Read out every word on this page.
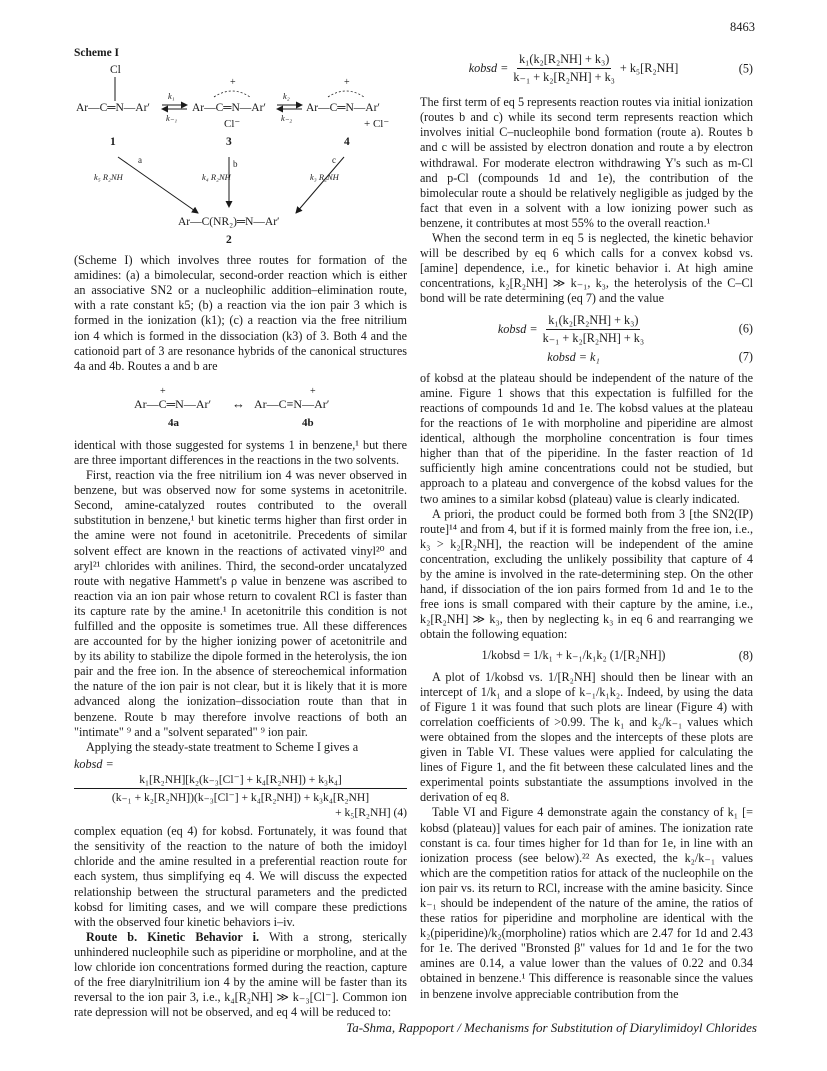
8463
Scheme I
Cl
Ar—C═N—Ar′	Ar—C═N—Ar′
Cl⁻
Ar—C═N—Ar′
+ Cl⁻
+	+
k₁
k₋₁
k₂
k₋₂
1	3	4
a	b	c
k₅ R₂NH	k₄ R₂NH	k₃ R₂NH
Ar—C(NR₂)═N—Ar′
2

(Scheme I) which involves three routes for formation of the amidines: (a) a bimolecular, second-order reaction which is either an associative SN2 or a nucleophilic addition–elimination route, with a rate constant k5; (b) a reaction via the ion pair 3 which is formed in the ionization (k1); (c) a reaction via the free nitrilium ion 4 which is formed in the dissociation (k3) of 3. Both 4 and the cationoid part of 3 are resonance hybrids of the canonical structures 4a and 4b. Routes a and b are

+	+
Ar—C═N—Ar′ ↔ Ar—C≡N—Ar′
4a	4b

identical with those suggested for systems 1 in benzene,¹ but there are three important differences in the reactions in the two solvents.

First, reaction via the free nitrilium ion 4 was never observed in benzene, but was observed now for some systems in acetonitrile. Second, amine-catalyzed routes contributed to the overall substitution in benzene,¹ but kinetic terms higher than first order in the amine were not found in acetonitrile. Precedents of similar solvent effect are known in the reactions of activated vinyl²⁰ and aryl²¹ chlorides with anilines. Third, the second-order uncatalyzed route with negative Hammett's ρ value in benzene was ascribed to reaction via an ion pair whose return to covalent RCl is faster than its capture rate by the amine.¹ In acetonitrile this condition is not fulfilled and the opposite is sometimes true. All these differences are accounted for by the higher ionizing power of acetonitrile and by its ability to stabilize the dipole formed in the heterolysis, the ion pair and the free ion. In the absence of stereochemical information the nature of the ion pair is not clear, but it is likely that it is more advanced along the ionization–dissociation route than that in benzene. Route b may therefore involve reactions of both an "intimate" ⁹ and a "solvent separated" ⁹ ion pair.

Applying the steady-state treatment to Scheme I gives a

kobsd =
k₁[R₂NH][k₂(k₋₃[Cl⁻] + k₄[R₂NH]) + k₃k₄]
(k₋₁ + k₂[R₂NH])(k₋₃[Cl⁻] + k₄[R₂NH]) + k₃k₄[R₂NH]
+ k₅[R₂NH] (4)

complex equation (eq 4) for kobsd. Fortunately, it was found that the sensitivity of the reaction to the nature of both the imidoyl chloride and the amine resulted in a preferential reaction route for each system, thus simplifying eq 4. We will discuss the expected relationship between the structural parameters and the predicted kobsd for limiting cases, and we will compare these predictions with the observed four kinetic behaviors i–iv.

Route b. Kinetic Behavior i. With a strong, sterically unhindered nucleophile such as piperidine or morpholine, and at the low chloride ion concentrations formed during the reaction, capture of the free diarylnitrilium ion 4 by the amine will be faster than its reversal to the ion pair 3, i.e., k₄[R₂NH] ≫ k₋₃[Cl⁻]. Common ion rate depression will not be observed, and eq 4 will be reduced to:

kobsd = $\frac{\text{k₁(k₂[R₂NH] + k₃)}}{\text{k₋₁ + k₂[R₂NH] + k₃}} + k_5[R_2NH]$	(5)

The first term of eq 5 represents reaction routes via initial ionization (routes b and c) while its second term represents reaction which involves initial C–nucleophile bond formation (route a). Routes b and c will be assisted by electron donation and route a by electron withdrawal. For moderate electron withdrawing Y's such as m-Cl and p-Cl (compounds 1d and 1e), the contribution of the bimolecular route a should be relatively negligible as judged by the fact that even in a solvent with a low ionizing power such as benzene, it contributes at most 55% to the overall reaction.¹

When the second term in eq 5 is neglected, the kinetic behavior will be described by eq 6 which calls for a convex kobsd vs. [amine] dependence, i.e., for kinetic behavior i. At high amine concentrations, k₂[R₂NH] ≫ k₋₁, k₃, the heterolysis of the C–Cl bond will be rate determining (eq 7) and the value

kobsd = $\frac{\text{k₁(k₂[R₂NH] + k₃)}}{\text{k₋₁ + k₂[R₂NH] + k₃}}$	(6)
kobsd = k₁	(7)

of kobsd at the plateau should be independent of the nature of the amine. Figure 1 shows that this expectation is fulfilled for the reactions of compounds 1d and 1e. The kobsd values at the plateau for the reactions of 1e with morpholine and piperidine are almost identical, although the morpholine concentration is four times higher than that of the piperidine. In the faster reaction of 1d sufficiently high amine concentrations could not be studied, but approach to a plateau and convergence of the kobsd values for the two amines to a similar kobsd (plateau) value is clearly indicated.

A priori, the product could be formed both from 3 [the SN2(IP) route]¹⁴ and from 4, but if it is formed mainly from the free ion, i.e., k₃ > k₂[R₂NH], the reaction will be independent of the amine concentration, excluding the unlikely possibility that capture of 4 by the amine is involved in the rate-determining step. On the other hand, if dissociation of the ion pairs formed from 1d and 1e to the free ions is small compared with their capture by the amine, i.e., k₂[R₂NH] ≫ k₃, then by neglecting k₃ in eq 6 and rearranging we obtain the following equation:

1/kobsd = 1/k₁ + k₋₁/k₁k₂ (1/[R₂NH])	(8)

A plot of 1/kobsd vs. 1/[R₂NH] should then be linear with an intercept of 1/k₁ and a slope of k₋₁/k₁k₂. Indeed, by using the data of Figure 1 it was found that such plots are linear (Figure 4) with correlation coefficients of >0.99. The k₁ and k₂/k₋₁ values which were obtained from the slopes and the intercepts of these plots are given in Table VI. These values were applied for calculating the lines of Figure 1, and the fit between these calculated lines and the experimental points substantiate the assumptions involved in the derivation of eq 8.

Table VI and Figure 4 demonstrate again the constancy of k₁ [= kobsd (plateau)] values for each pair of amines. The ionization rate constant is ca. four times higher for 1d than for 1e, in line with an ionization process (see below).²² As exected, the k₂/k₋₁ values which are the competition ratios for attack of the nucleophile on the ion pair vs. its return to RCl, increase with the amine basicity. Since k₋₁ should be independent of the nature of the amine, the ratios of these ratios for piperidine and morpholine are identical with the k₂(piperidine)/k₂(morpholine) ratios which are 2.47 for 1d and 2.43 for 1e. The derived "Bronsted β" values for 1d and 1e for the two amines are 0.14, a value lower than the values of 0.22 and 0.34 obtained in benzene.¹ This difference is reasonable since the values in benzene involve appreciable contribution from the

Ta-Shma, Rappoport / Mechanisms for Substitution of Diarylimidoyl Chlorides
